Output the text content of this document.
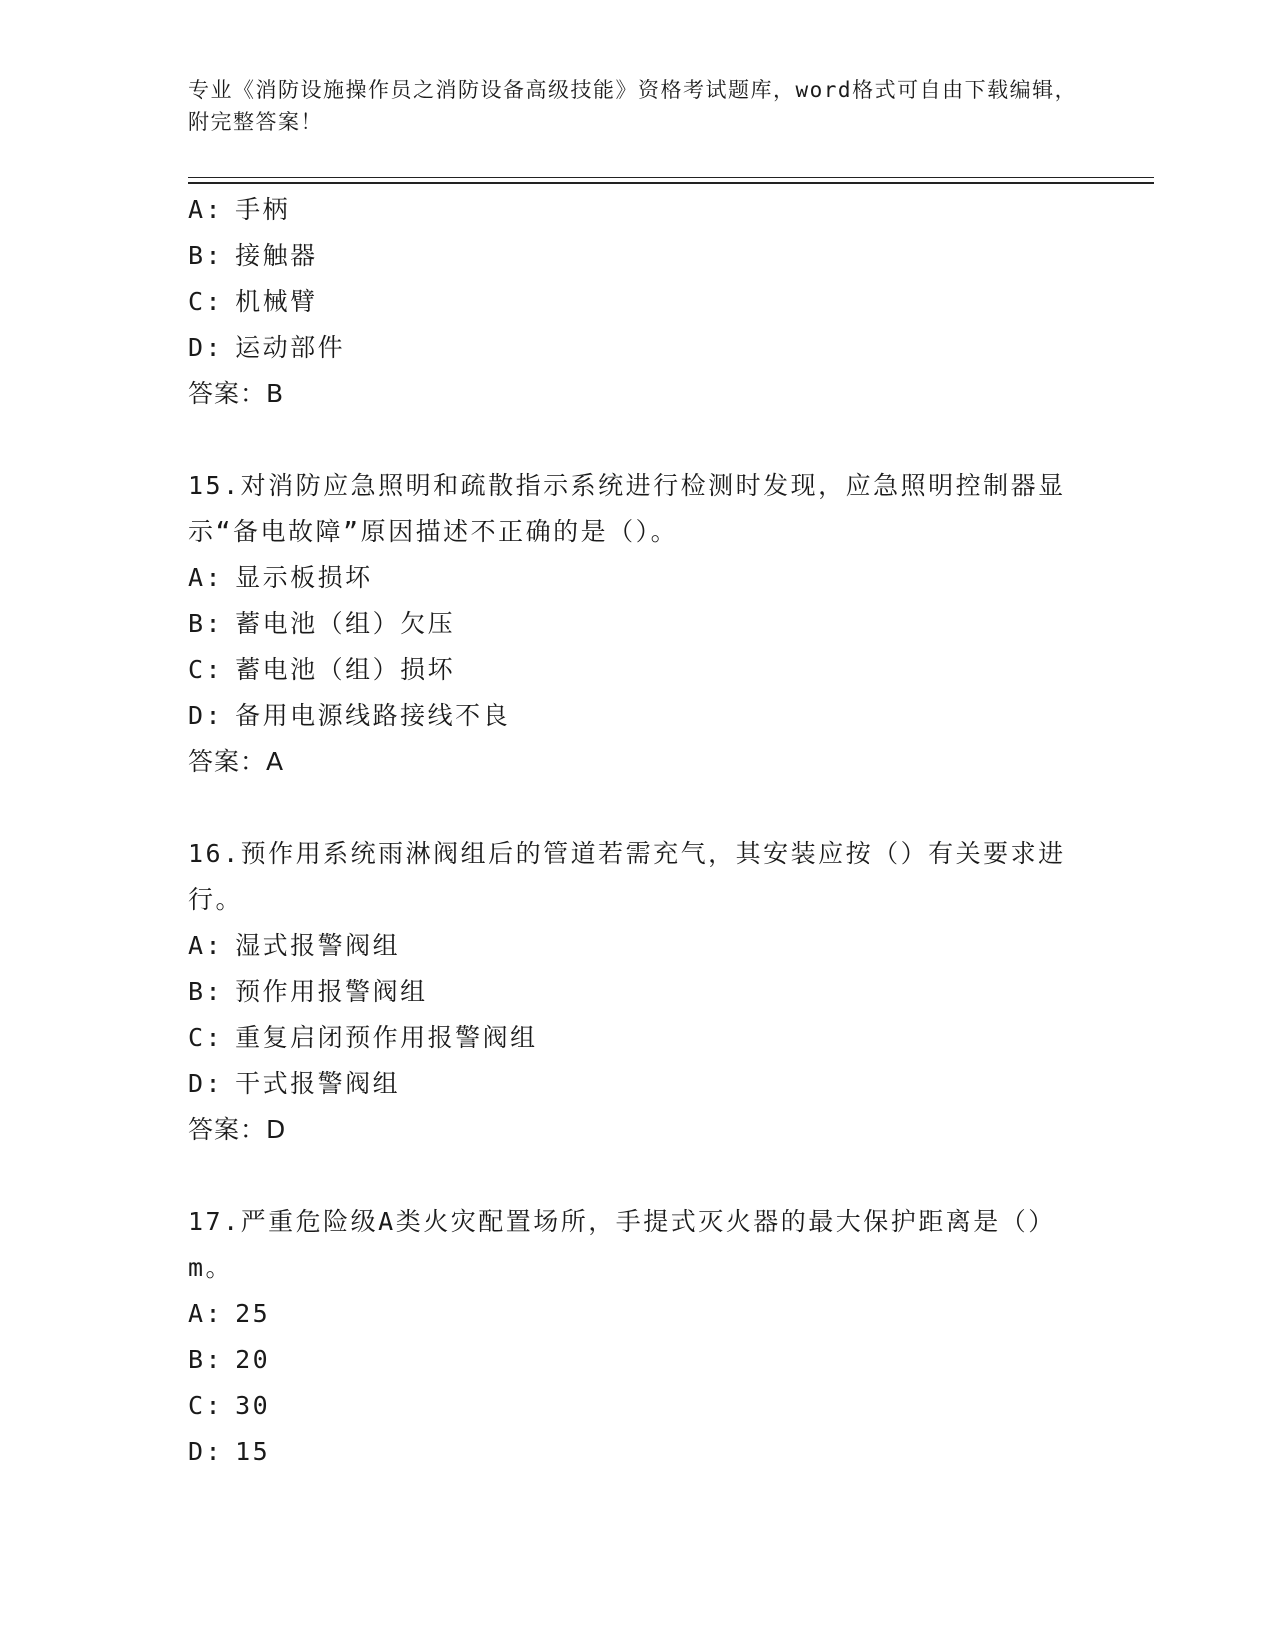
专业《消防设施操作员之消防设备高级技能》资格考试题库，word格式可自由下载编辑，附完整答案！

A: 手柄
B: 接触器
C: 机械臂
D: 运动部件
答案：B

15.对消防应急照明和疏散指示系统进行检测时发现，应急照明控制器显示“备电故障”原因描述不正确的是（）。

A: 显示板损坏
B: 蓄电池（组）欠压
C: 蓄电池（组）损坏
D: 备用电源线路接线不良
答案：A

16.预作用系统雨淋阀组后的管道若需充气，其安装应按（）有关要求进行。

A: 湿式报警阀组
B: 预作用报警阀组
C: 重复启闭预作用报警阀组
D: 干式报警阀组
答案：D

17.严重危险级A类火灾配置场所，手提式灭火器的最大保护距离是（）m。

A: 25
B: 20
C: 30
D: 15
